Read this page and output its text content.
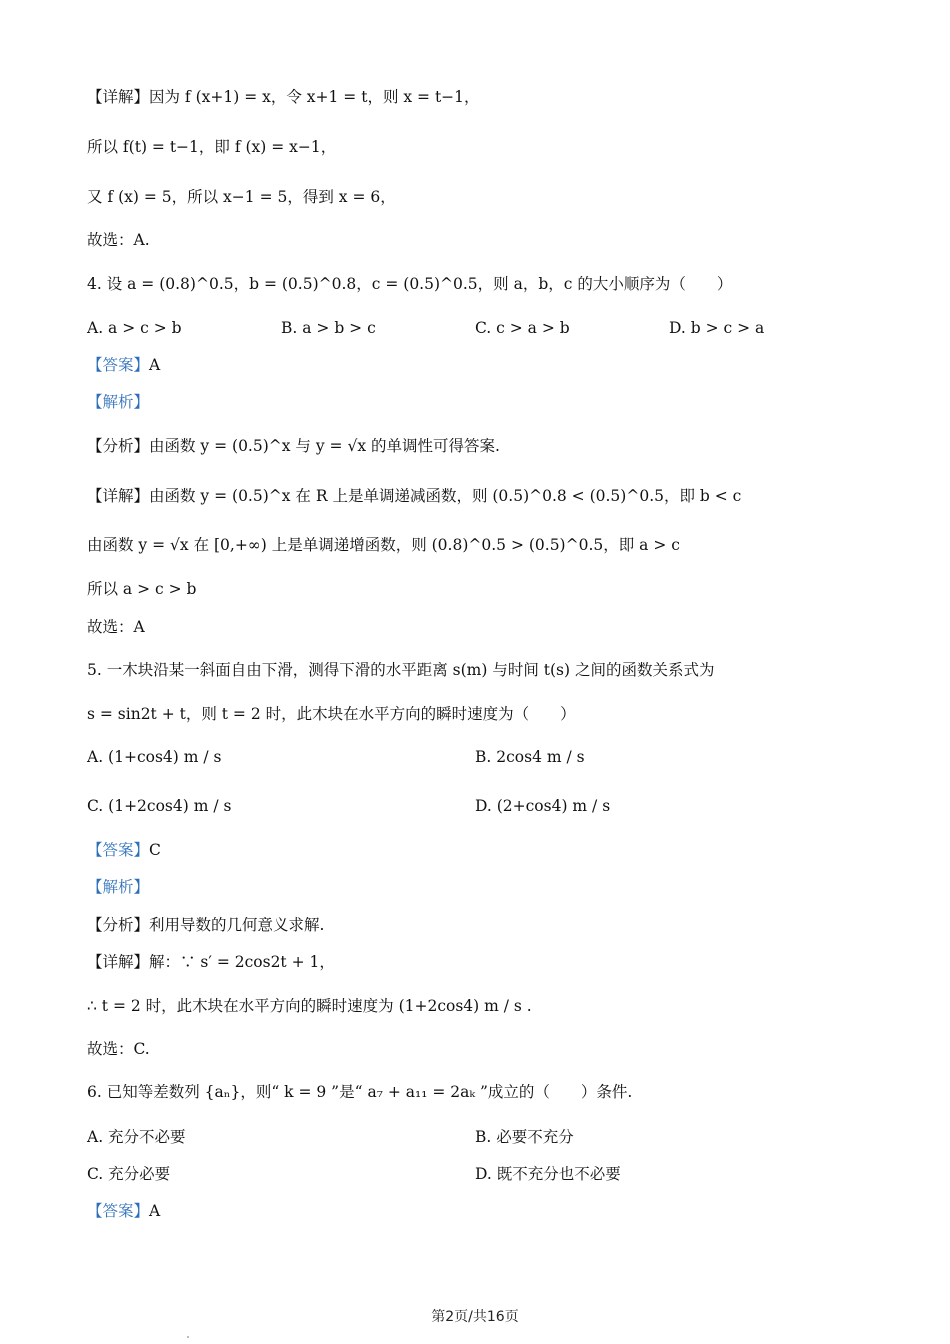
【详解】因为 f (x+1) = x，令 x+1 = t，则 x = t−1，
所以 f(t) = t−1，即 f (x) = x−1，
又 f (x) = 5，所以 x−1 = 5，得到 x = 6，
故选：A.
4. 设 a = (0.8)^0.5，b = (0.5)^0.8，c = (0.5)^0.5，则 a，b，c 的大小顺序为（　　）
A. a > c > b	B. a > b > c	C. c > a > b	D. b > c > a
【答案】A
【解析】
【分析】由函数 y = (0.5)^x 与 y = √x 的单调性可得答案.
【详解】由函数 y = (0.5)^x 在 R 上是单调递减函数，则 (0.5)^0.8 < (0.5)^0.5，即 b < c
由函数 y = √x 在 [0,+∞) 上是单调递增函数，则 (0.8)^0.5 > (0.5)^0.5，即 a > c
所以 a > c > b
故选：A
5. 一木块沿某一斜面自由下滑，测得下滑的水平距离 s(m) 与时间 t(s) 之间的函数关系式为
s = sin2t + t，则 t = 2 时，此木块在水平方向的瞬时速度为（　　）
A. (1+cos4) m / s	B. 2cos4 m / s
C. (1+2cos4) m / s	D. (2+cos4) m / s
【答案】C
【解析】
【分析】利用导数的几何意义求解.
【详解】解：∵ s′ = 2cos2t + 1，
∴ t = 2 时，此木块在水平方向的瞬时速度为 (1+2cos4) m / s .
故选：C.
6. 已知等差数列 {aₙ}，则“ k = 9 ”是“ a₇ + a₁₁ = 2aₖ ”成立的（　　）条件.
A. 充分不必要	B. 必要不充分
C. 充分必要	D. 既不充分也不必要
【答案】A
第2页/共16页
